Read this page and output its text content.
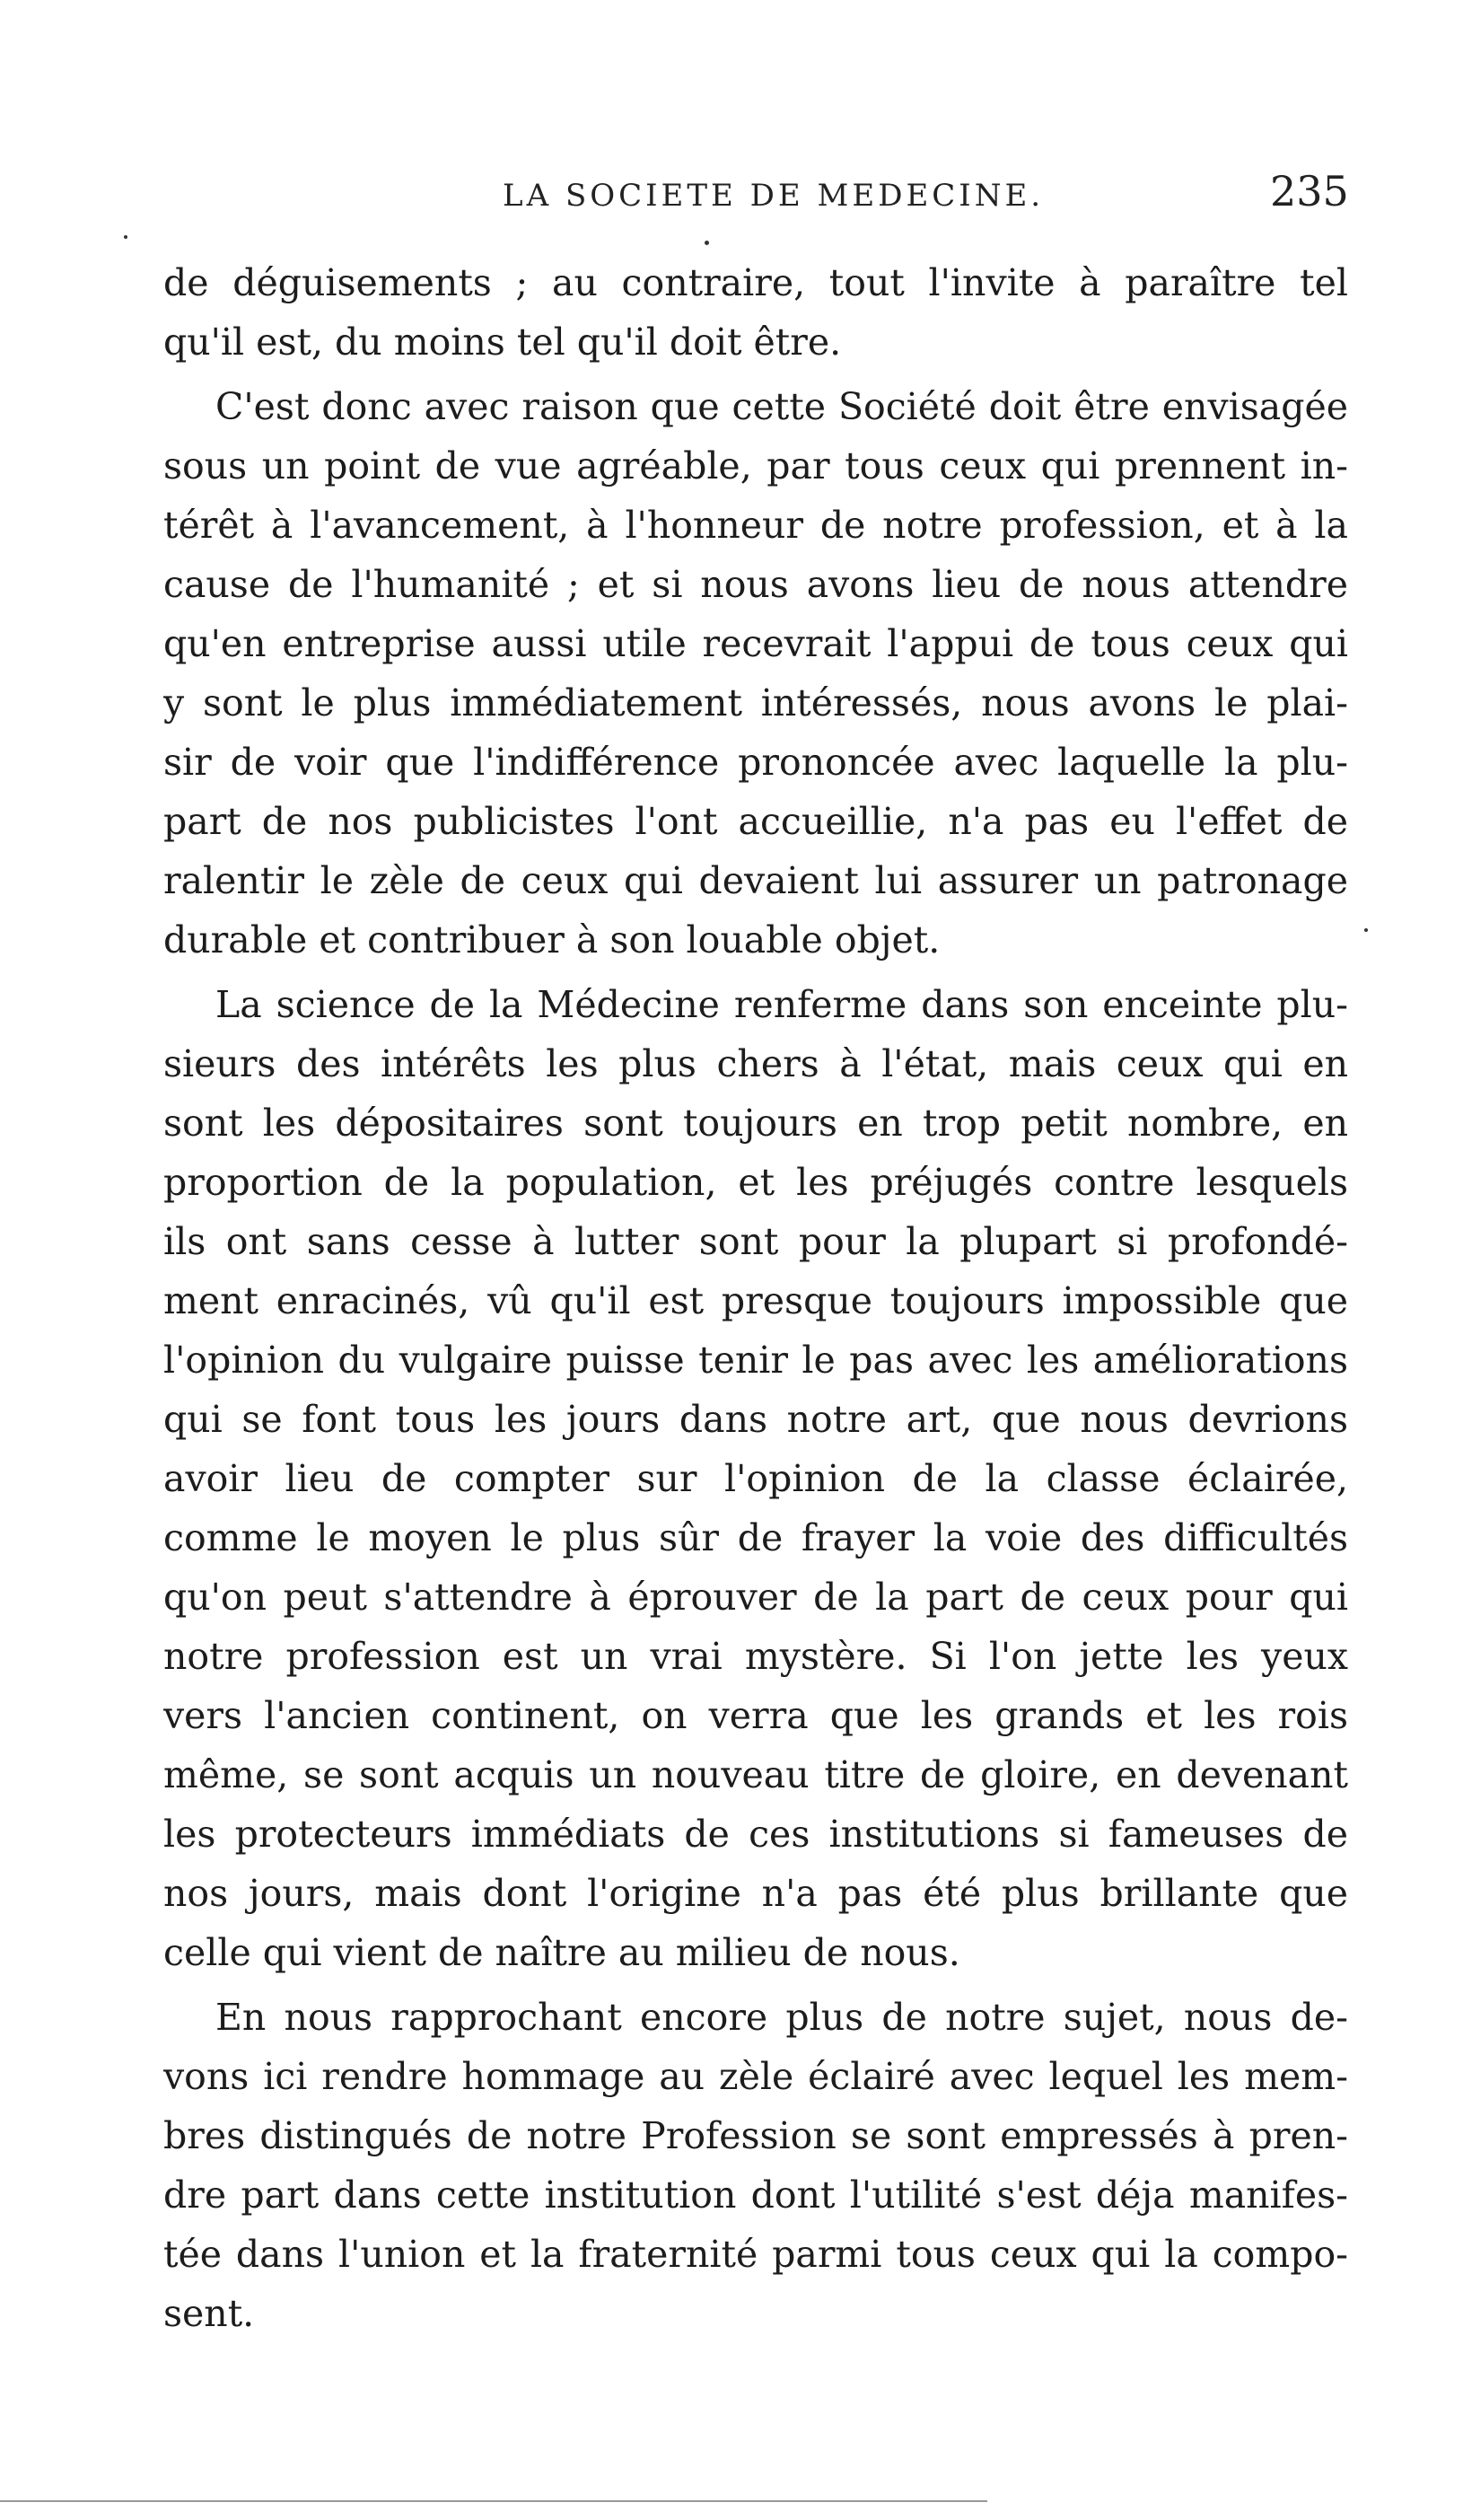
LA SOCIETE DE MEDECINE.	235
de déguisements ; au contraire, tout l'invite à paraître tel
qu'il est, du moins tel qu'il doit être.
C'est donc avec raison que cette Société doit être envisagée
sous un point de vue agréable, par tous ceux qui prennent in-
térêt à l'avancement, à l'honneur de notre profession, et à la
cause de l'humanité ; et si nous avons lieu de nous attendre
qu'en entreprise aussi utile recevrait l'appui de tous ceux qui
y sont le plus immédiatement intéressés, nous avons le plai-
sir de voir que l'indifférence prononcée avec laquelle la plu-
part de nos publicistes l'ont accueillie, n'a pas eu l'effet de
ralentir le zèle de ceux qui devaient lui assurer un patronage
durable et contribuer à son louable objet.
La science de la Médecine renferme dans son enceinte plu-
sieurs des intérêts les plus chers à l'état, mais ceux qui en
sont les dépositaires sont toujours en trop petit nombre, en
proportion de la population, et les préjugés contre lesquels
ils ont sans cesse à lutter sont pour la plupart si profondé-
ment enracinés, vû qu'il est presque toujours impossible que
l'opinion du vulgaire puisse tenir le pas avec les améliorations
qui se font tous les jours dans notre art, que nous devrions
avoir lieu de compter sur l'opinion de la classe éclairée,
comme le moyen le plus sûr de frayer la voie des difficultés
qu'on peut s'attendre à éprouver de la part de ceux pour qui
notre profession est un vrai mystère. Si l'on jette les yeux
vers l'ancien continent, on verra que les grands et les rois
même, se sont acquis un nouveau titre de gloire, en devenant
les protecteurs immédiats de ces institutions si fameuses de
nos jours, mais dont l'origine n'a pas été plus brillante que
celle qui vient de naître au milieu de nous.
En nous rapprochant encore plus de notre sujet, nous de-
vons ici rendre hommage au zèle éclairé avec lequel les mem-
bres distingués de notre Profession se sont empressés à pren-
dre part dans cette institution dont l'utilité s'est déja manifes-
tée dans l'union et la fraternité parmi tous ceux qui la compo-
sent.
